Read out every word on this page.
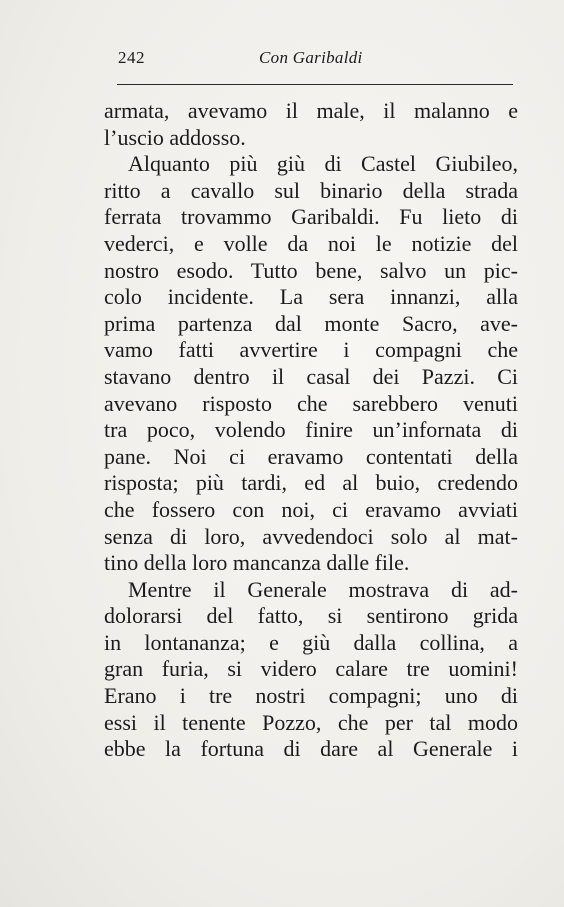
242	Con Garibaldi
armata, avevamo il male, il malanno e
l’uscio addosso.
Alquanto più giù di Castel Giubileo,
ritto a cavallo sul binario della strada
ferrata trovammo Garibaldi. Fu lieto di
vederci, e volle da noi le notizie del
nostro esodo. Tutto bene, salvo un pic-
colo incidente. La sera innanzi, alla
prima partenza dal monte Sacro, ave-
vamo fatti avvertire i compagni che
stavano dentro il casal dei Pazzi. Ci
avevano risposto che sarebbero venuti
tra poco, volendo finire un’infornata di
pane. Noi ci eravamo contentati della
risposta; più tardi, ed al buio, credendo
che fossero con noi, ci eravamo avviati
senza di loro, avvedendoci solo al mat-
tino della loro mancanza dalle file.
Mentre il Generale mostrava di ad-
dolorarsi del fatto, si sentirono grida
in lontananza; e giù dalla collina, a
gran furia, si videro calare tre uomini!
Erano i tre nostri compagni; uno di
essi il tenente Pozzo, che per tal modo
ebbe la fortuna di dare al Generale i
